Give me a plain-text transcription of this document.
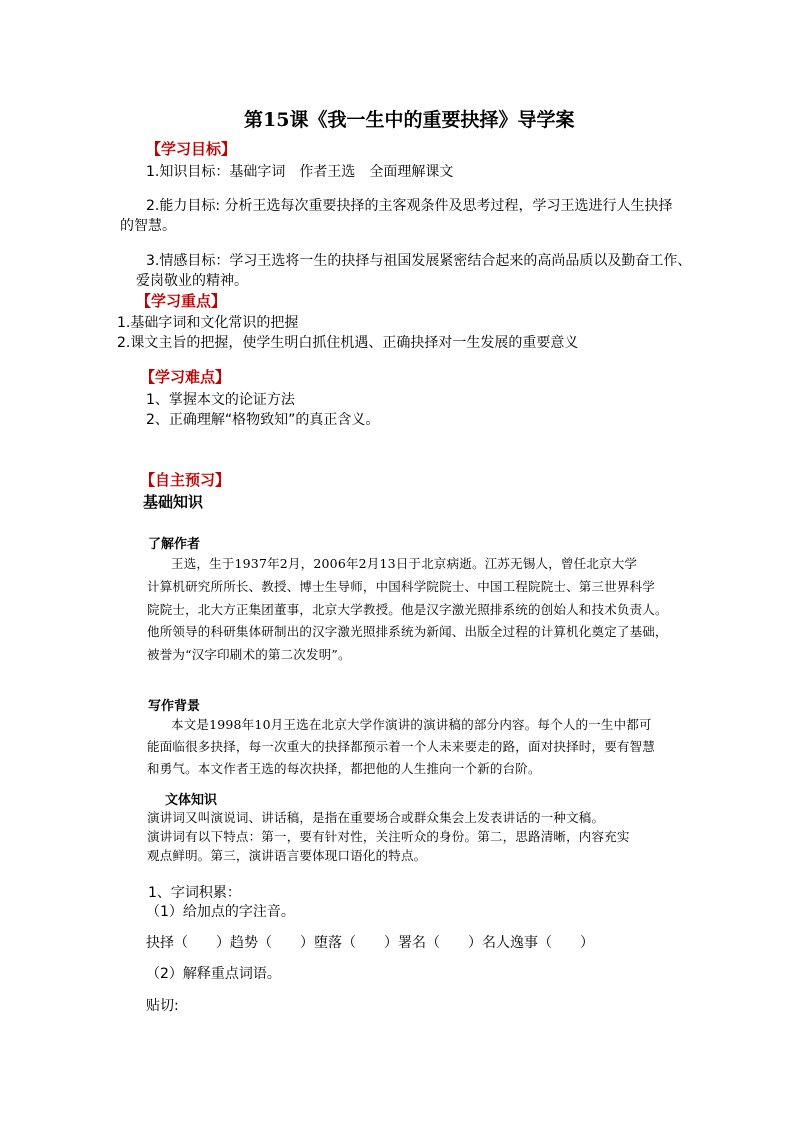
第15课《我一生中的重要抉择》导学案
【学习目标】
1.知识目标：基础字词　作者王选　全面理解课文
2.能力目标: 分析王选每次重要抉择的主客观条件及思考过程，学习王选进行人生抉择
的智慧。
3.情感目标：学习王选将一生的抉择与祖国发展紧密结合起来的高尚品质以及勤奋工作、
爱岗敬业的精神。
【学习重点】
1.基础字词和文化常识的把握
2.课文主旨的把握，使学生明白抓住机遇、正确抉择对一生发展的重要意义
【学习难点】
1、掌握本文的论证方法
2、正确理解“格物致知”的真正含义。
【自主预习】
基础知识
了解作者
王选，生于1937年2月，2006年2月13日于北京病逝。江苏无锡人，曾任北京大学
计算机研究所所长、教授、博士生导师，中国科学院院士、中国工程院院士、第三世界科学
院院士，北大方正集团董事，北京大学教授。他是汉字激光照排系统的创始人和技术负责人。
他所领导的科研集体研制出的汉字激光照排系统为新闻、出版全过程的计算机化奠定了基础，
被誉为“汉字印刷术的第二次发明”。
写作背景
本文是1998年10月王选在北京大学作演讲的演讲稿的部分内容。每个人的一生中都可
能面临很多抉择，每一次重大的抉择都预示着一个人未来要走的路，面对抉择时，要有智慧
和勇气。本文作者王选的每次抉择，都把他的人生推向一个新的台阶。
文体知识
演讲词又叫演说词、讲话稿，是指在重要场合或群众集会上发表讲话的一种文稿。
演讲词有以下特点：第一，要有针对性，关注听众的身份。第二，思路清晰，内容充实
观点鲜明。第三，演讲语言要体现口语化的特点。
1、字词积累：
（1）给加点的字注音。
抉择（　　）趋势（　　）堕落（　　）署名（　　）名人逸事（　　）
（2）解释重点词语。
贴切:
